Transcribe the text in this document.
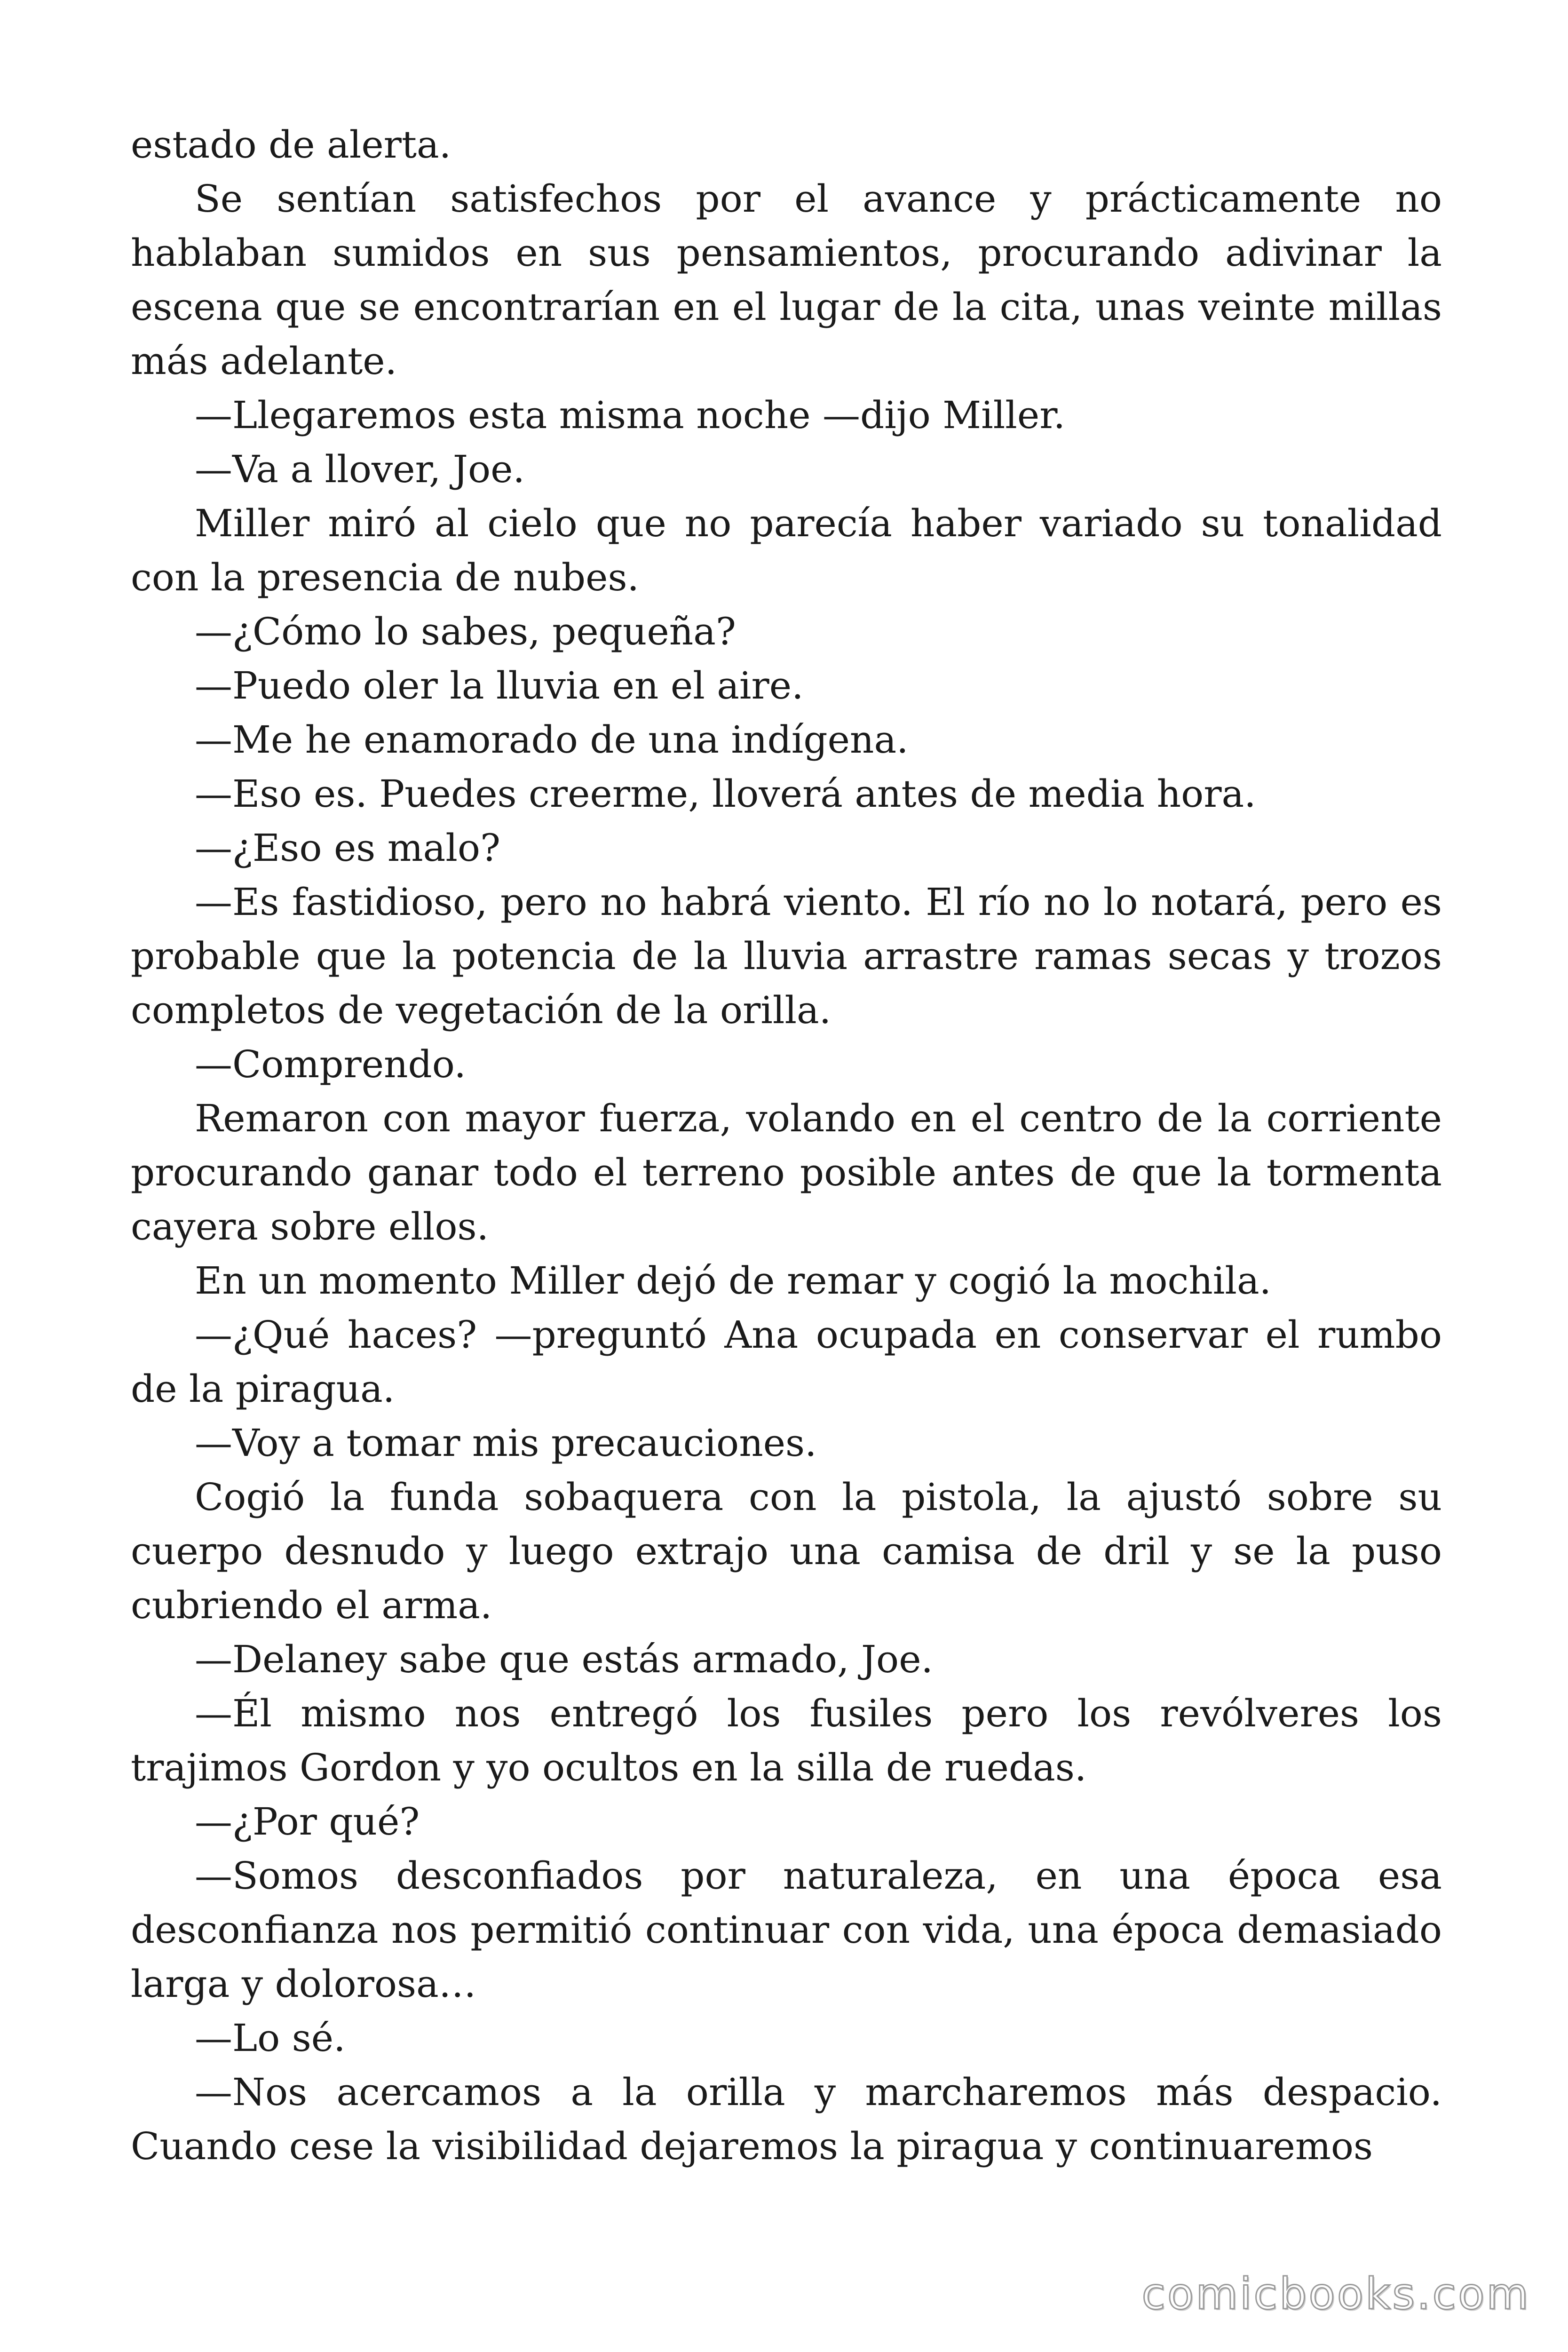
estado de alerta.

Se sentían satisfechos por el avance y prácticamente no hablaban sumidos en sus pensamientos, procurando adivinar la escena que se encontrarían en el lugar de la cita, unas veinte millas más adelante.

—Llegaremos esta misma noche —dijo Miller.

—Va a llover, Joe.

Miller miró al cielo que no parecía haber variado su tonalidad con la presencia de nubes.

—¿Cómo lo sabes, pequeña?

—Puedo oler la lluvia en el aire.

—Me he enamorado de una indígena.

—Eso es. Puedes creerme, lloverá antes de media hora.

—¿Eso es malo?

—Es fastidioso, pero no habrá viento. El río no lo notará, pero es probable que la potencia de la lluvia arrastre ramas secas y trozos completos de vegetación de la orilla.

—Comprendo.

Remaron con mayor fuerza, volando en el centro de la corriente procurando ganar todo el terreno posible antes de que la tormenta cayera sobre ellos.

En un momento Miller dejó de remar y cogió la mochila.

—¿Qué haces? —preguntó Ana ocupada en conservar el rumbo de la piragua.

—Voy a tomar mis precauciones.

Cogió la funda sobaquera con la pistola, la ajustó sobre su cuerpo desnudo y luego extrajo una camisa de dril y se la puso cubriendo el arma.

—Delaney sabe que estás armado, Joe.

—Él mismo nos entregó los fusiles pero los revólveres los trajimos Gordon y yo ocultos en la silla de ruedas.

—¿Por qué?

—Somos desconfiados por naturaleza, en una época esa desconfianza nos permitió continuar con vida, una época demasiado larga y dolorosa…

—Lo sé.

—Nos acercamos a la orilla y marcharemos más despacio. Cuando cese la visibilidad dejaremos la piragua y continuaremos

comicbooks.com
